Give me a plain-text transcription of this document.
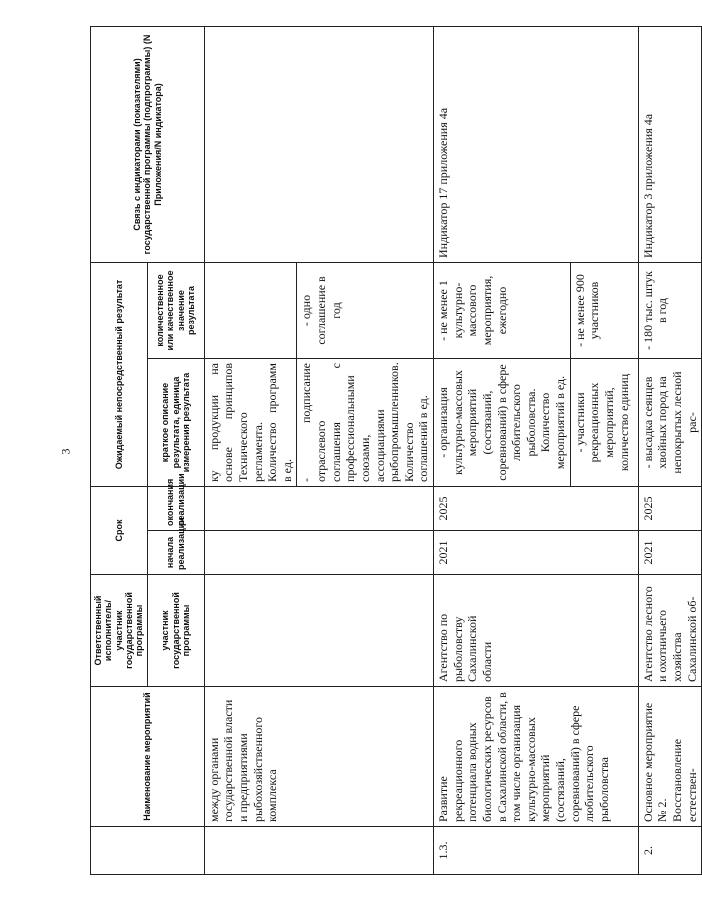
3
	Наименование мероприятий	Ответственный исполнитель/ участник государственной программы	Срок		Ожидаемый непосредственный результат		Связь с индикаторами (показателями) государственной программы (подпрограммы) (N Приложения/N индикатора)
		участник государственной программы	начала реализации	окончания реализации	краткое описание результата, единица измерения результата	количественное или качественное значение результата	
	между органами государственной власти и предприятиями рыбохозяйственного комплекса				ку продукции на основе принципов Технического регламента. Количество программ в ед.		
					- подписание отраслевого соглашения с профессиональными союзами, ассоциациями рыбопромышленников. Количество соглашений в ед.	- одно соглашение в год	
1.3.	Развитие рекреационного потенциала водных биологических ресурсов в Сахалинской области, в том числе организация культурно-массовых мероприятий (состязаний, соревнований) в сфере любительского рыболовства	Агентство по рыболовству Сахалинской области	2021	2025	- организация культурно-массовых мероприятий (состязаний, соревнований) в сфере любительского рыболовства. Количество мероприятий в ед.	- не менее 1 культурно-массового мероприятия, ежегодно	Индикатор 17 приложения 4а
					- участники рекреационных мероприятий, количество единиц	- не менее 900 участников	
2.	Основное мероприятие № 2. Восстановление естествен-	Агентство лесного и охотничьего хозяйства Сахалинской об-	2021	2025	- высадка сеянцев хвойных пород на непокрытых лесной рас-	- 180 тыс. штук в год	Индикатор 3 приложения 4а
